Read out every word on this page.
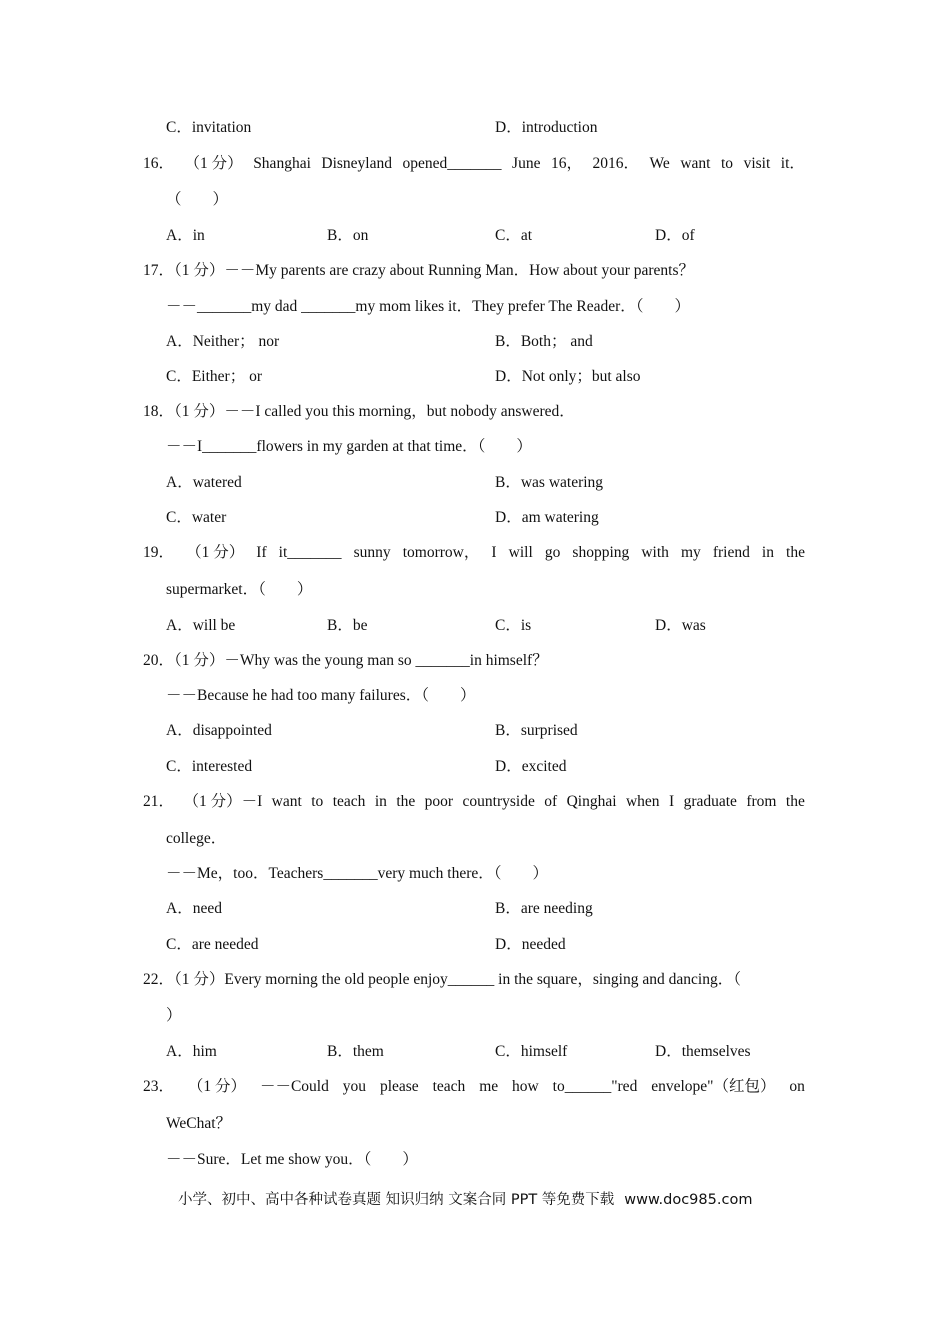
C．invitation	D．introduction
16． （1 分） Shanghai Disneyland opened_______ June 16， 2016． We want to visit it．
（　　）
A．in	B．on	C．at	D．of
17．（1 分）－－My parents are crazy about Running Man．How about your parents？
－－_______my dad _______my mom likes it．They prefer The Reader．（　　）
A．Neither； nor	B．Both； and
C．Either； or	D．Not only；but also
18．（1 分）－－I called you this morning，but nobody answered．
－－I_______flowers in my garden at that time．（　　）
A．watered	B．was watering
C．water	D．am watering
19． （1 分） If it_______ sunny tomorrow， I will go shopping with my friend in the
supermarket．（　　）
A．will be	B．be	C．is	D．was
20．（1 分）－Why was the young man so _______in himself？
－－Because he had too many failures．（　　）
A．disappointed	B．surprised
C．interested	D．excited
21． （1 分）－I want to teach in the poor countryside of Qinghai when I graduate from the
college．
－－Me，too．Teachers_______very much there．（　　）
A．need	B．are needing
C．are needed	D．needed
22．（1 分）Every morning the old people enjoy______ in the square，singing and dancing．（
）
A．him	B．them	C．himself	D．themselves
23． （1 分） －－Could you please teach me how to______"red envelope"（红包） on
WeChat？
－－Sure．Let me show you．（　　）
小学、初中、高中各种试卷真题 知识归纳 文案合同 PPT 等免费下载 www.doc985.com
